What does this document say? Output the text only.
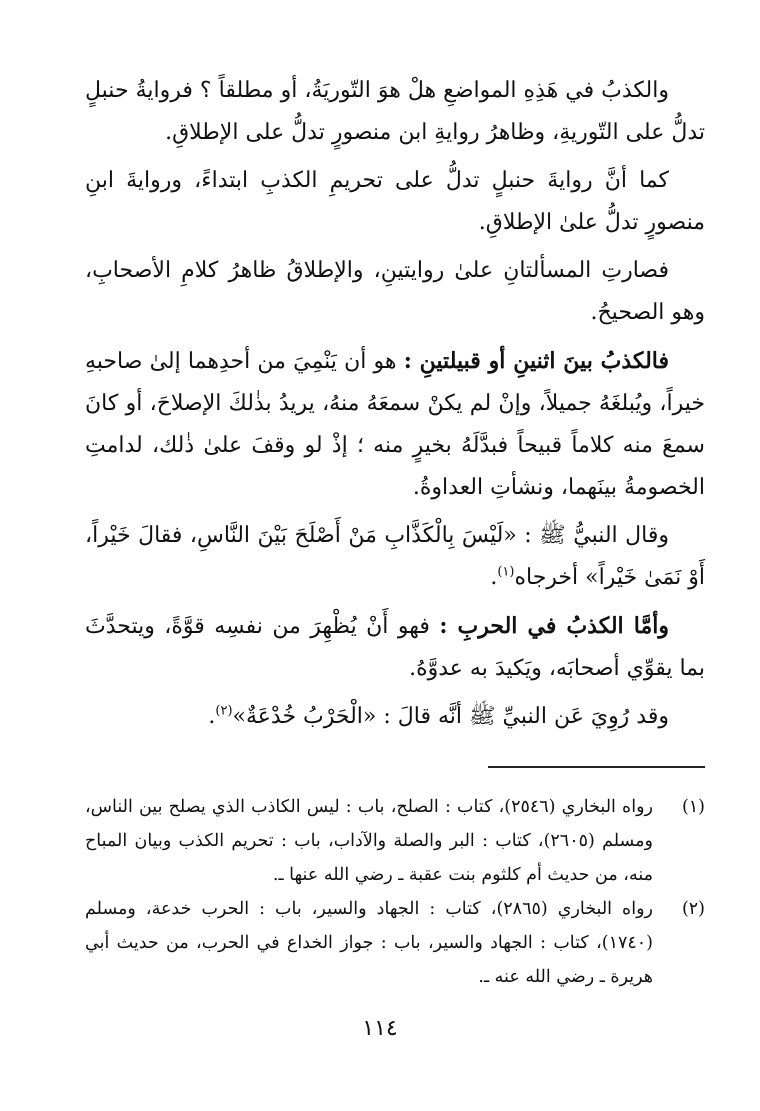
والكذبُ في هَذِهِ المواضعِ هلْ هوَ التّوريَةُ، أو مطلقاً ؟ فروايةُ حنبلٍ تدلُّ على التّوريةِ، وظاهرُ روايةِ ابن منصورٍ تدلُّ على الإطلاقِ.

كما أنَّ روايةَ حنبلٍ تدلُّ على تحريمِ الكذبِ ابتداءً، وروايةَ ابنِ منصورٍ تدلُّ علىٰ الإطلاقِ.

فصارتِ المسألتانِ علىٰ روايتينِ، والإطلاقُ ظاهرُ كلامِ الأصحابِ، وهو الصحيحُ.

فالكذبُ بينَ اثنينِ أو قبيلتينِ : هو أن يَنْمِيَ من أحدِهما إلىٰ صاحبهِ خيراً، ويُبلغَهُ جميلاً، وإنْ لم يكنْ سمعَهُ منهُ، يريدُ بذٰلكَ الإصلاحَ، أو كانَ سمعَ منه كلاماً قبيحاً فبدَّلَهُ بخيرٍ منه ؛ إذْ لو وقفَ علىٰ ذٰلك، لدامتِ الخصومةُ بينَهما، ونشأتِ العداوةُ.

وقال النبيُّ ﷺ : «لَيْسَ بِالْكَذَّابِ مَنْ أَصْلَحَ بَيْنَ النَّاسِ، فقالَ خَيْراً، أَوْ نَمَىٰ خَيْراً» أخرجاه$^{(١)}$.

وأمَّا الكذبُ في الحربِ : فهو أَنْ يُظْهِرَ من نفسِه قوَّةً، ويتحدَّثَ بما يقوِّي أصحابَه، ويَكيدَ به عدوَّهُ.

وقد رُوِيَ عَن النبيِّ ﷺ أنَّه قالَ : «الْحَرْبُ خُدْعَةٌ»$^{(٢)}$.

(١)
رواه البخاري (٢٥٤٦)، كتاب : الصلح، باب : ليس الكاذب الذي يصلح بين الناس، ومسلم (٢٦٠٥)، كتاب : البر والصلة والآداب، باب : تحريم الكذب وبيان المباح منه، من حديث أم كلثوم بنت عقبة ـ رضي الله عنها ـ.

(٢)
رواه البخاري (٢٨٦٥)، كتاب : الجهاد والسير، باب : الحرب خدعة، ومسلم (١٧٤٠)، كتاب : الجهاد والسير، باب : جواز الخداع في الحرب، من حديث أبي هريرة ـ رضي الله عنه ـ.

١١٤
